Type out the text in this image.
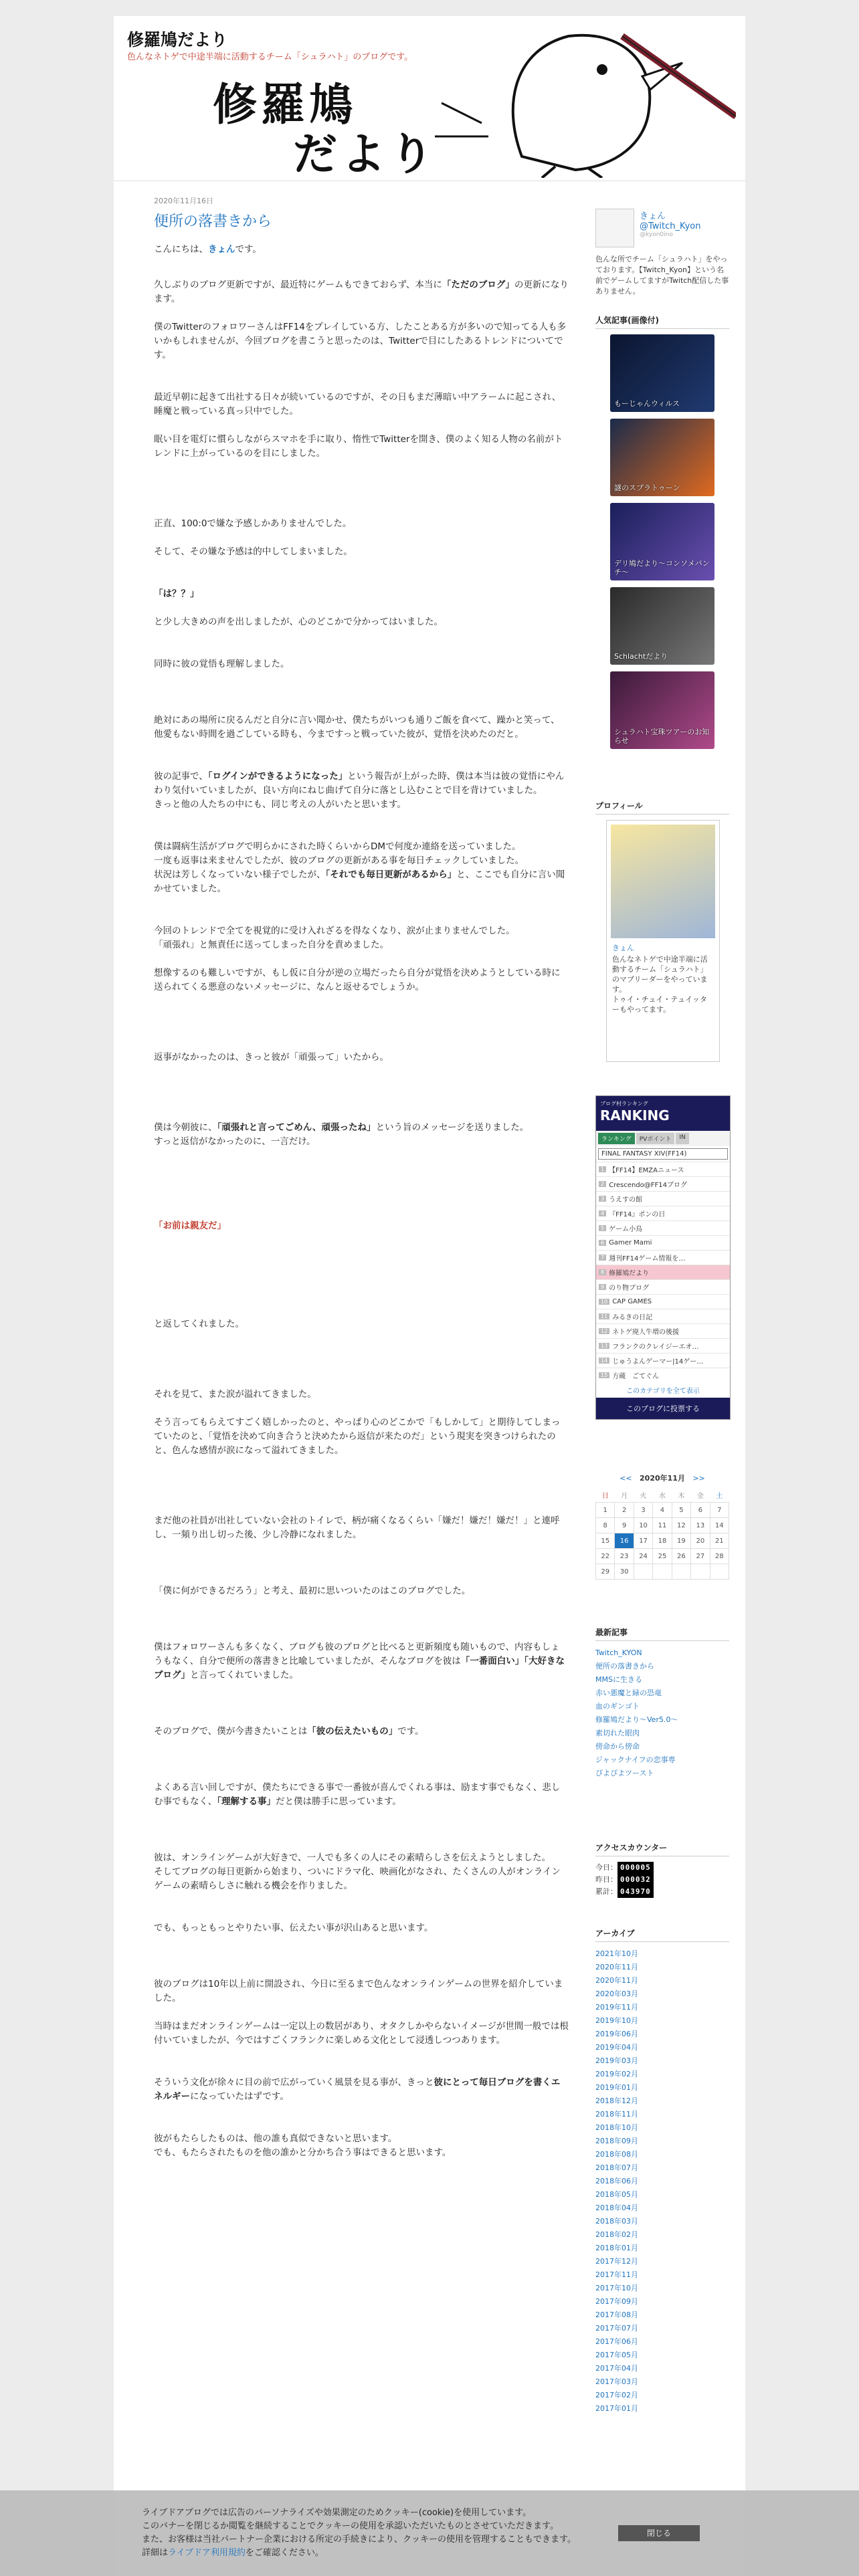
修羅鳩だより
色んなネトゲで中途半端に活動するチーム「シュラハト」のブログです。
修羅鳩
だより
2020年11月16日
便所の落書きから

こんにちは、きょんです。

久しぶりのブログ更新ですが、最近特にゲームもできておらず、本当に「ただのブログ」の更新になります。

僕のTwitterのフォロワーさんはFF14をプレイしている方、したことある方が多いので知ってる人も多いかもしれませんが、今回ブログを書こうと思ったのは、Twitterで目にしたあるトレンドについてです。

最近早朝に起きて出社する日々が続いているのですが、その日もまだ薄暗い中アラームに起こされ、睡魔と戦っている真っ只中でした。

眠い目を電灯に慣らしながらスマホを手に取り、惰性でTwitterを開き、僕のよく知る人物の名前がトレンドに上がっているのを目にしました。

正直、100:0で嫌な予感しかありませんでした。

そして、その嫌な予感は的中してしまいました。

「は？？」

と少し大きめの声を出しましたが、心のどこかで分かってはいました。

同時に彼の覚悟も理解しました。

絶対にあの場所に戻るんだと自分に言い聞かせ、僕たちがいつも通りご飯を食べて、躁かと笑って、他愛もない時間を過ごしている時も、今まですっと戦っていた彼が、覚悟を決めたのだと。

彼の記事で、「ログインができるようになった」という報告が上がった時、僕は本当は彼の覚悟にやんわり気付いていましたが、良い方向にねじ曲げて自分に落とし込むことで目を背けていました。
きっと他の人たちの中にも、同じ考えの人がいたと思います。

僕は闘病生活がブログで明らかにされた時くらいからDMで何度か連絡を送っていました。
一度も返事は来ませんでしたが、彼のブログの更新がある事を毎日チェックしていました。
状況は芳しくなっていない様子でしたが、「それでも毎日更新があるから」と、ここでも自分に言い聞かせていました。

今回のトレンドで全てを視覚的に受け入れざるを得なくなり、涙が止まりませんでした。
「頑張れ」と無責任に送ってしまった自分を責めました。

想像するのも難しいですが、もし仮に自分が逆の立場だったら自分が覚悟を決めようとしている時に送られてくる悪意のないメッセージに、なんと返せるでしょうか。

返事がなかったのは、きっと彼が「頑張って」いたから。

僕は今朝彼に、「頑張れと言ってごめん、頑張ったね」という旨のメッセージを送りました。
すっと返信がなかったのに、一言だけ。

「お前は親友だ」

と返してくれました。

それを見て、また涙が溢れてきました。

そう言ってもらえてすごく嬉しかったのと、やっぱり心のどこかで「もしかして」と期待してしまっていたのと、「覚悟を決めて向き合うと決めたから返信が来たのだ」という現実を突きつけられたのと、色んな感情が涙になって溢れてきました。

まだ他の社員が出社していない会社のトイレで、柄が痛くなるくらい「嫌だ！嫌だ！嫌だ！」と連呼し、一頻り出し切った後、少し冷静になれました。

「僕に何ができるだろう」と考え、最初に思いついたのはこのブログでした。

僕はフォロワーさんも多くなく、ブログも彼のブログと比べると更新頻度も随いもので、内容もしょうもなく、自分で便所の落書きと比喩していましたが、そんなブログを彼は「一番面白い」「大好きなブログ」と言ってくれていました。

そのブログで、僕が今書きたいことは「彼の伝えたいもの」です。

よくある言い回しですが、僕たちにできる事で一番彼が喜んでくれる事は、励ます事でもなく、悲しむ事でもなく、「理解する事」だと僕は勝手に思っています。

彼は、オンラインゲームが大好きで、一人でも多くの人にその素晴らしさを伝えようとしました。
そしてブログの毎日更新から始まり、ついにドラマ化、映画化がなされ、たくさんの人がオンラインゲームの素晴らしさに触れる機会を作りました。

でも、もっともっとやりたい事、伝えたい事が沢山あると思います。

彼のブログは10年以上前に開設され、今日に至るまで色んなオンラインゲームの世界を紹介していました。

当時はまだオンラインゲームは一定以上の数居があり、オタクしかやらないイメージが世間一般では根付いていましたが、今ではすごくフランクに楽しめる文化として浸透しつつあります。

そういう文化が徐々に目の前で広がっていく風景を見る事が、きっと彼にとって毎日ブログを書くエネルギーになっていたはずです。

彼がもたらしたものは、他の誰も真似できないと思います。
でも、もたらされたものを他の誰かと分かち合う事はできると思います。

きょん
@Twitch_Kyon
@kyon0ino
色んな所でチーム「シュラハト」をやっております。【Twitch_Kyon】という名前でゲームしてますがTwitch配信した事ありません。
人気記事(画像付)
もーじゃんウィルス
謎のスプラトゥーン
デリ鳩だより〜コンソメパンチ〜
Schlachtだより
シュラハト宝珠ツアーのお知らせ
プロフィール
きょん
色んなネトゲで中途半端に活動するチーム「シュラハト」のマブリーダーをやっています。
トゥイ・チュイ・テュイッターもやってます。
ブログ村ランキング
RANKING
ランキング	PVポイント	IN
FINAL FANTASY XIV(FF14)
1 【FF14】EMZAニュース
2 Crescendo@FF14ブログ
3 うえすの館
4 『FF14』ポンの日
5 ゲーム小鳥
6 Gamer Mami
7 週刊FF14ゲーム情報を…
8 修羅鳩だより
9 のり物ブログ
10 CAP GAMES
11 みるきの日記
12 ネトゲ廃人牛増の後援
13 フランクのクレイジーエオ…
14 じゅうよんゲーマー|14ゲー…
15 方蔵　ごてぐん
このカテゴリを全て表示
このブログに投票する
<< 2020年11月 >>
日	月	火	水	木	金	土
1	2	3	4	5	6	7
8	9	10	11	12	13	14
15	16	17	18	19	20	21
22	23	24	25	26	27	28
29	30					
最新記事
Twitch_KYON
便所の落書きから
MMSに生きる
赤い悪魔と緑の恐竜
血のギンゴト
修羅鳩だより〜Ver5.0〜
素切れた眼肉
傍命から傍命
ジャックナイフの恋事専
ぴよぴよツースト
アクセスカウンター
今日： 000005
昨日： 000032
累計： 043970
アーカイブ
2021年10月
2020年11月
2020年11月
2020年03月
2019年11月
2019年10月
2019年06月
2019年04月
2019年03月
2019年02月
2019年01月
2018年12月
2018年11月
2018年10月
2018年09月
2018年08月
2018年07月
2018年06月
2018年05月
2018年04月
2018年03月
2018年02月
2018年01月
2017年12月
2017年11月
2017年10月
2017年09月
2017年08月
2017年07月
2017年06月
2017年05月
2017年04月
2017年03月
2017年02月
2017年01月
ライブドアブログでは広告のパーソナライズや効果測定のためクッキー(cookie)を使用しています。
このバナーを閉じるか閲覧を継続することでクッキーの使用を承認いただいたものとさせていただきます。
また、お客様は当社パートナー企業における所定の手続きにより、クッキーの使用を管理することもできます。
詳細はライブドア利用規約をご確認ください。
閉じる
